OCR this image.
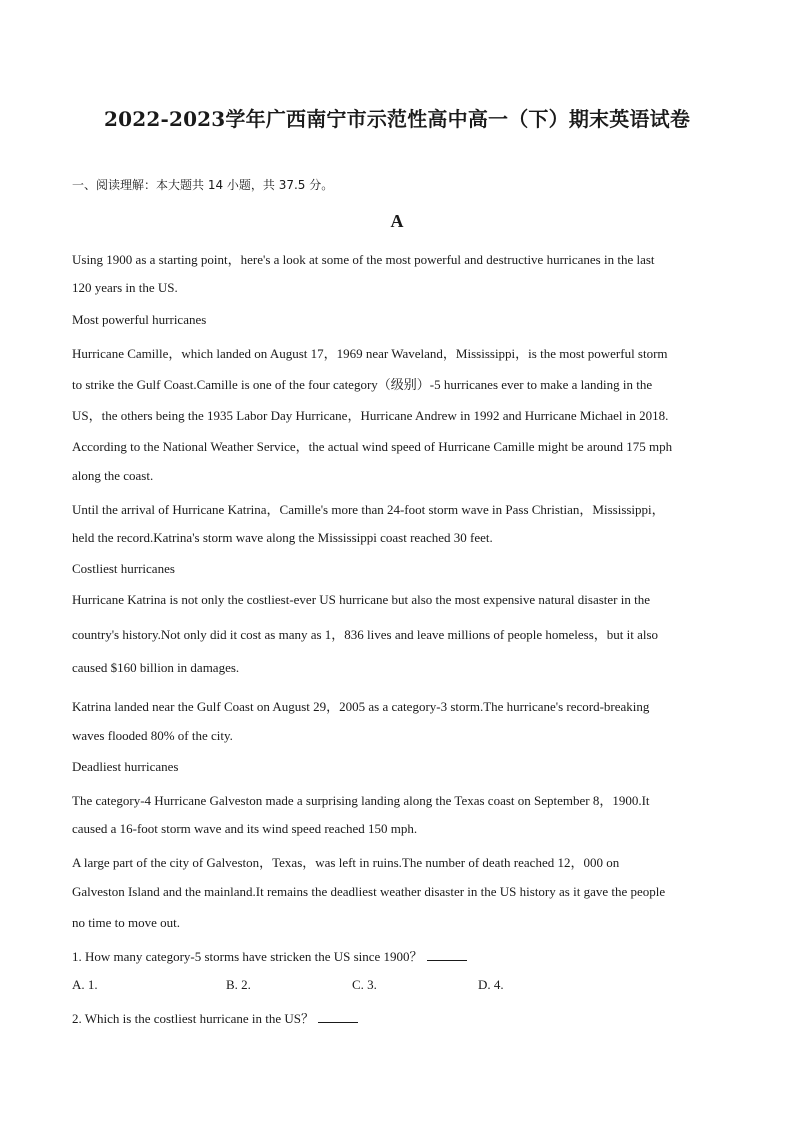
2022-2023学年广西南宁市示范性高中高一（下）期末英语试卷
一、阅读理解：本大题共 14 小题，共 37.5 分。
A
Using 1900 as a starting point，here's a look at some of the most powerful and destructive hurricanes in the last
120 years in the US.
Most powerful hurricanes
Hurricane Camille，which landed on August 17，1969 near Waveland，Mississippi，is the most powerful storm
to strike the Gulf Coast.Camille is one of the four category（级别）-5 hurricanes ever to make a landing in the
US，the others being the 1935 Labor Day Hurricane，Hurricane Andrew in 1992 and Hurricane Michael in 2018.
According to the National Weather Service，the actual wind speed of Hurricane Camille might be around 175 mph
along the coast.
Until the arrival of Hurricane Katrina，Camille's more than 24-foot storm wave in Pass Christian，Mississippi，
held the record.Katrina's storm wave along the Mississippi coast reached 30 feet.
Costliest hurricanes
Hurricane Katrina is not only the costliest-ever US hurricane but also the most expensive natural disaster in the
country's history.Not only did it cost as many as 1，836 lives and leave millions of people homeless，but it also
caused $160 billion in damages.
Katrina landed near the Gulf Coast on August 29，2005 as a category-3 storm.The hurricane's record-breaking
waves flooded 80% of the city.
Deadliest hurricanes
The category-4 Hurricane Galveston made a surprising landing along the Texas coast on September 8，1900.It
caused a 16-foot storm wave and its wind speed reached 150 mph.
A large part of the city of Galveston，Texas，was left in ruins.The number of death reached 12，000 on
Galveston Island and the mainland.It remains the deadliest weather disaster in the US history as it gave the people
no time to move out.
1. How many category-5 storms have stricken the US since 1900？
A. 1.	B. 2.	C. 3.	D. 4.
2. Which is the costliest hurricane in the US？
